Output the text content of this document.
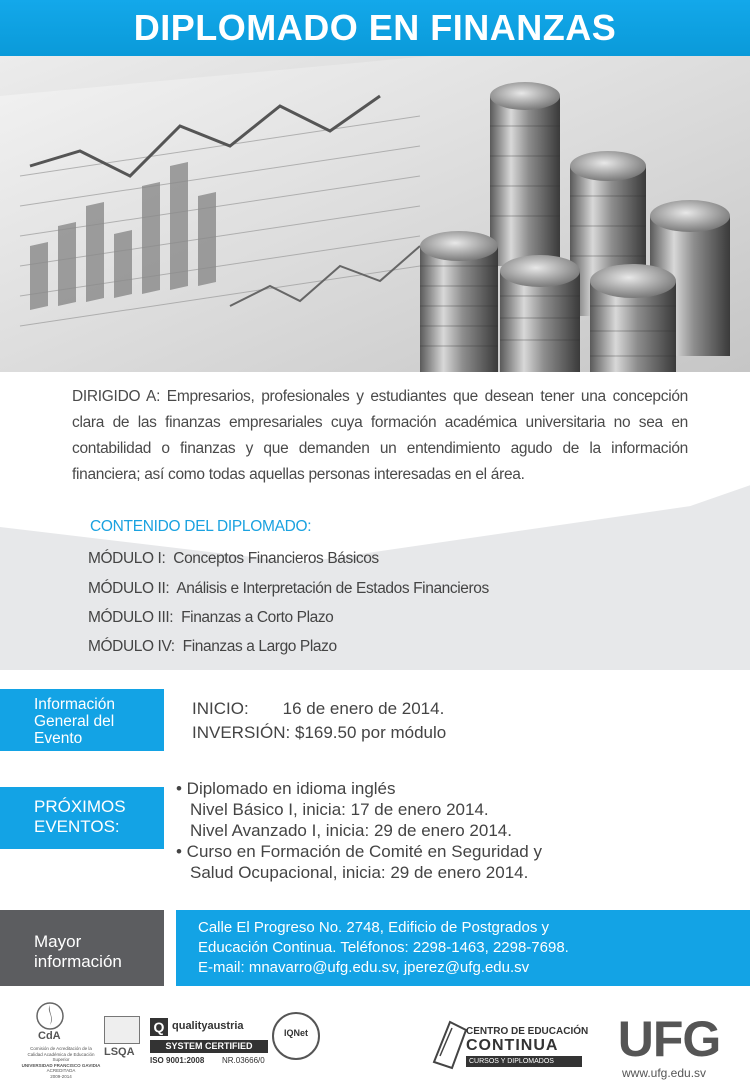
DIPLOMADO EN FINANZAS
DIRIGIDO A: Empresarios, profesionales y estudiantes que desean tener una concepción clara de las finanzas empresariales cuya formación académica universitaria no sea en contabilidad o finanzas y que demanden un entendimiento agudo de la información financiera; así como todas aquellas personas interesadas en el área.
CONTENIDO DEL DIPLOMADO:
MÓDULO I: Conceptos Financieros Básicos
MÓDULO II: Análisis e Interpretación de Estados Financieros
MÓDULO III: Finanzas a Corto Plazo
MÓDULO IV: Finanzas a Largo Plazo
Información
General del
Evento
INICIO: 16 de enero de 2014.
INVERSIÓN: $169.50 por módulo
PRÓXIMOS
EVENTOS:
• Diplomado en idioma inglés
Nivel Básico I, inicia: 17 de enero 2014.
Nivel Avanzado I, inicia: 29 de enero 2014.
• Curso en Formación de Comité en Seguridad y
Salud Ocupacional, inicia: 29 de enero 2014.
Mayor
información
Calle El Progreso No. 2748, Edificio de Postgrados y
Educación Continua. Teléfonos: 2298-1463, 2298-7698.
E-mail: mnavarro@ufg.edu.sv, jperez@ufg.edu.sv
CdA
Comisión de Acreditación de la
Calidad Académica de Educación Superior
UNIVERSIDAD FRANCISCO GAVIDIA
ACREDITADA
2009-2014
LSQA
Q qualityaustria
SYSTEM CERTIFIED
ISO 9001:2008 NR.03666/0
IQNet	CENTRO DE EDUCACIÓN
CONTINUA
CURSOS Y DIPLOMADOS	UFG
www.ufg.edu.sv
